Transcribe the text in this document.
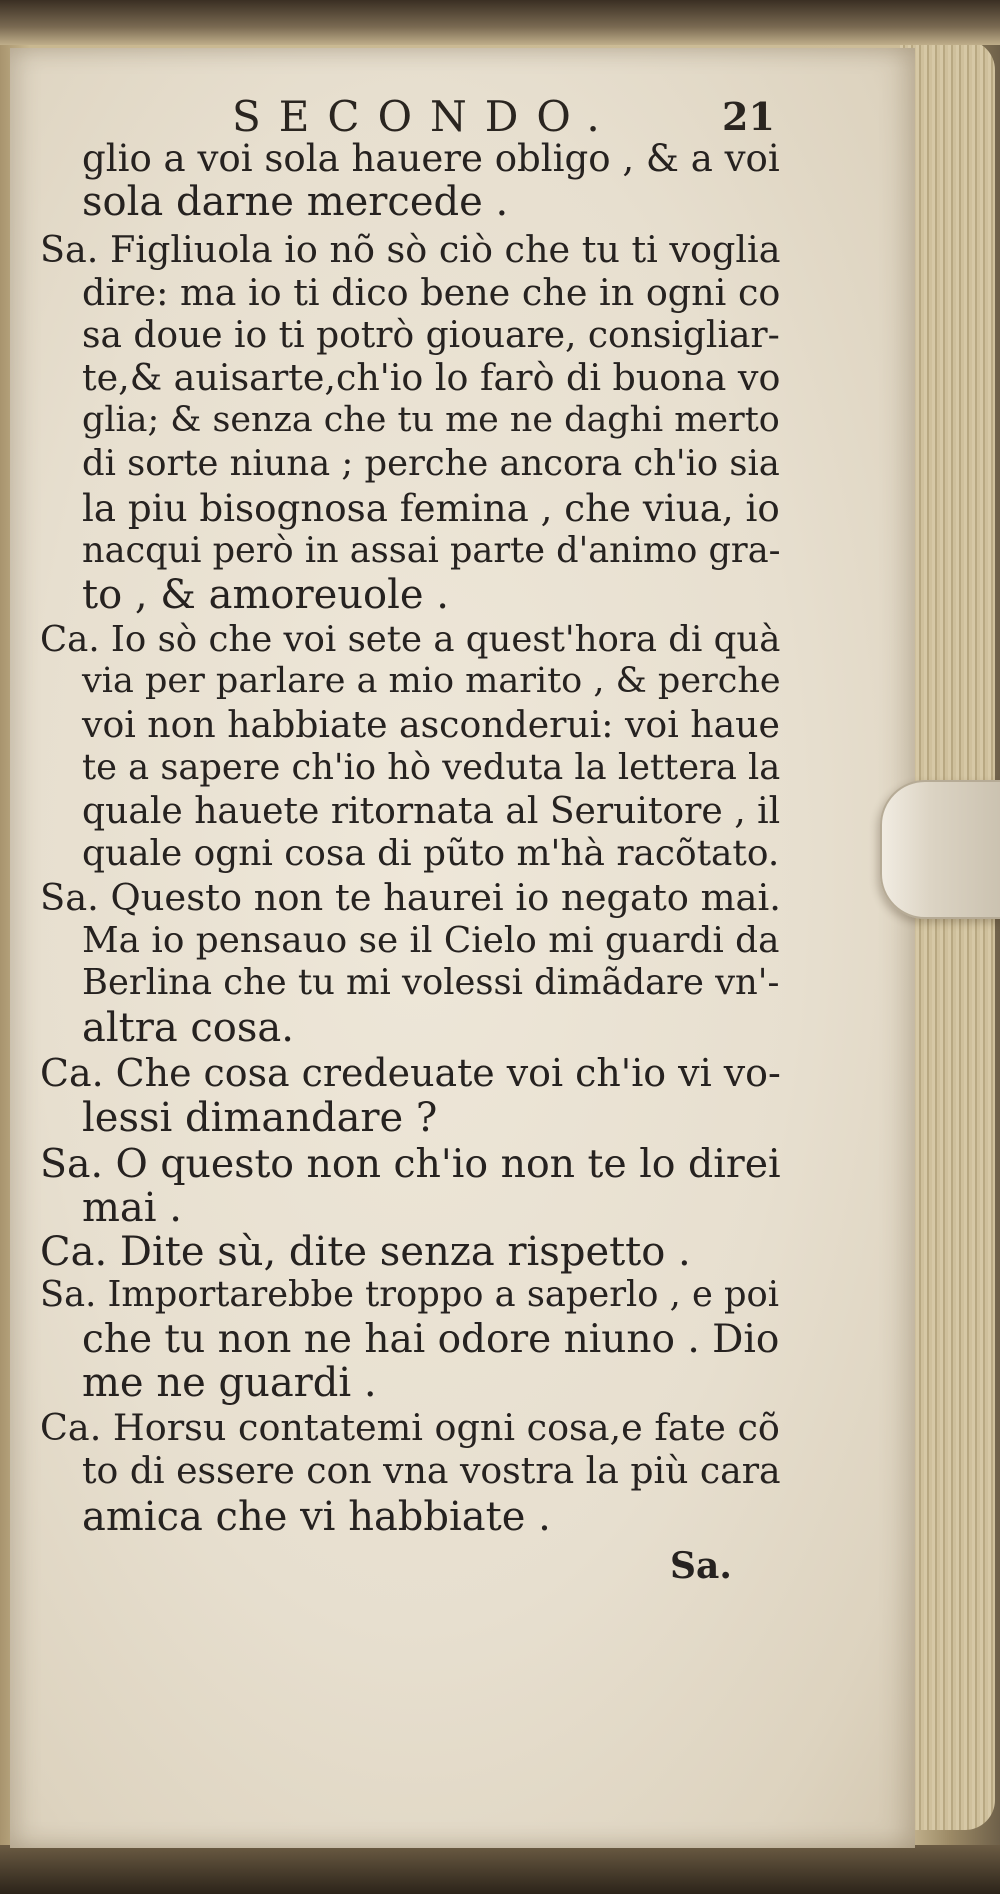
SECONDO.	21
glio a voi sola hauere obligo , & a voi
sola darne mercede .
Sa. Figliuola io nõ sò ciò che tu ti voglia
dire: ma io ti dico bene che in ogni co
sa doue io ti potrò giouare, consigliar-
te,& auisarte,ch'io lo farò di buona vo
glia; & senza che tu me ne daghi merto
di sorte niuna ; perche ancora ch'io sia
la piu bisognosa femina , che viua, io
nacqui però in assai parte d'animo gra-
to , & amoreuole .
Ca. Io sò che voi sete a quest'hora di quà
via per parlare a mio marito , & perche
voi non habbiate asconderui: voi haue
te a sapere ch'io hò veduta la lettera la
quale hauete ritornata al Seruitore , il
quale ogni cosa di pũto m'hà racõtato.
Sa. Questo non te haurei io negato mai.
Ma io pensauo se il Cielo mi guardi da
Berlina che tu mi volessi dimãdare vn'-
altra cosa.
Ca. Che cosa credeuate voi ch'io vi vo-
lessi dimandare ?
Sa. O questo non ch'io non te lo direi
mai .
Ca. Dite sù, dite senza rispetto .
Sa. Importarebbe troppo a saperlo , e poi
che tu non ne hai odore niuno . Dio
me ne guardi .
Ca. Horsu contatemi ogni cosa,e fate cõ
to di essere con vna vostra la più cara
amica che vi habbiate .
Sa.
